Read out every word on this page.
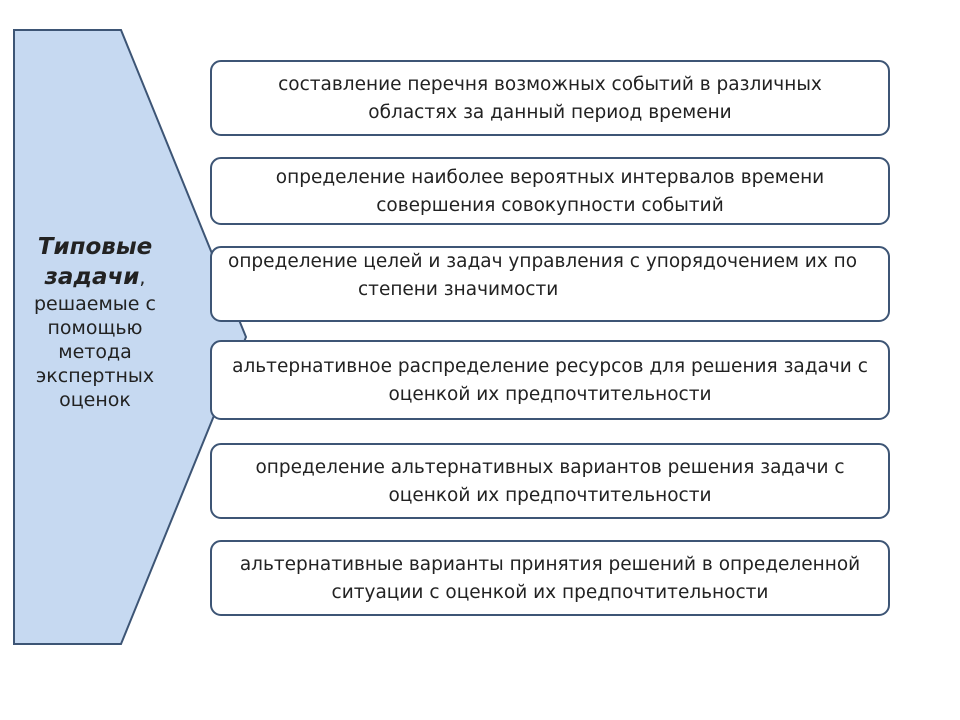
Типовые
задачи,
решаемые с
помощью
метода
экспертных
оценок
составление перечня возможных событий в различных
областях за данный период времени
определение наиболее вероятных интервалов времени
совершения совокупности событий
определение целей и задач управления с упорядочением их по
степени значимости
альтернативное распределение ресурсов для решения задачи с
оценкой их предпочтительности
определение альтернативных вариантов решения задачи с
оценкой их предпочтительности
альтернативные варианты принятия решений в определенной
ситуации с оценкой их предпочтительности
